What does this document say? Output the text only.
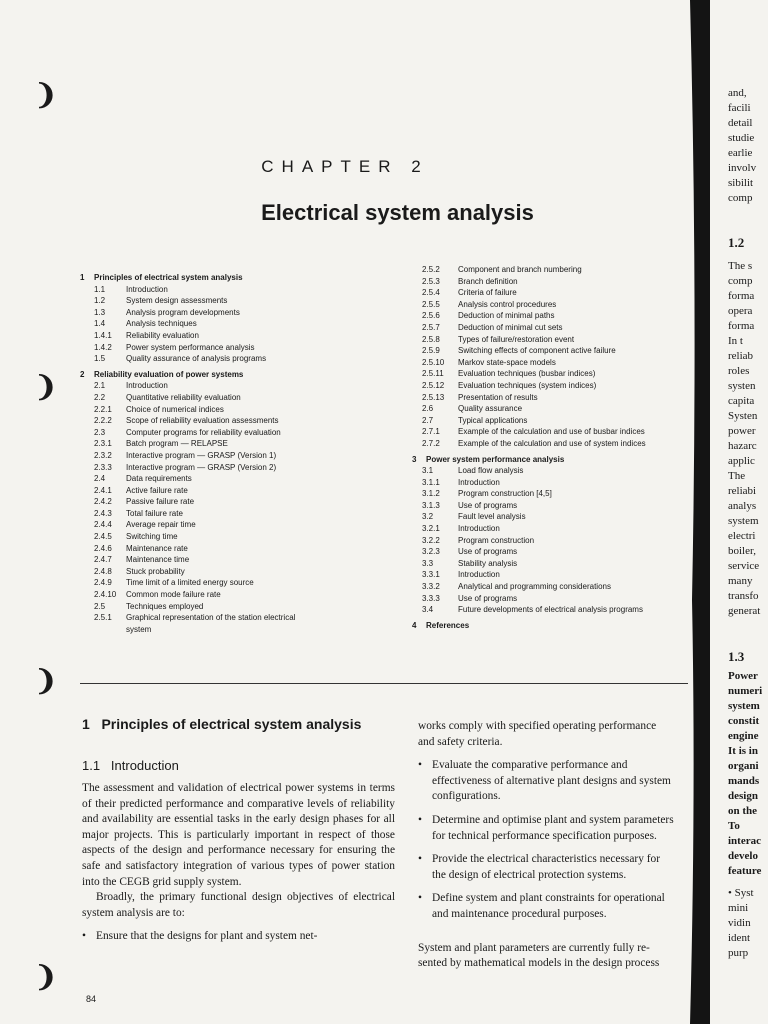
CHAPTER 2
Electrical system analysis
1	Principles of electrical system analysis
1.1	Introduction
1.2	System design assessments
1.3	Analysis program developments
1.4	Analysis techniques
1.4.1	Reliability evaluation
1.4.2	Power system performance analysis
1.5	Quality assurance of analysis programs
2	Reliability evaluation of power systems
2.1	Introduction
2.2	Quantitative reliability evaluation
2.2.1	Choice of numerical indices
2.2.2	Scope of reliability evaluation assessments
2.3	Computer programs for reliability evaluation
2.3.1	Batch program — RELAPSE
2.3.2	Interactive program — GRASP (Version 1)
2.3.3	Interactive program — GRASP (Version 2)
2.4	Data requirements
2.4.1	Active failure rate
2.4.2	Passive failure rate
2.4.3	Total failure rate
2.4.4	Average repair time
2.4.5	Switching time
2.4.6	Maintenance rate
2.4.7	Maintenance time
2.4.8	Stuck probability
2.4.9	Time limit of a limited energy source
2.4.10	Common mode failure rate
2.5	Techniques employed
2.5.1	Graphical representation of the station electrical
system
2.5.2	Component and branch numbering
2.5.3	Branch definition
2.5.4	Criteria of failure
2.5.5	Analysis control procedures
2.5.6	Deduction of minimal paths
2.5.7	Deduction of minimal cut sets
2.5.8	Types of failure/restoration event
2.5.9	Switching effects of component active failure
2.5.10	Markov state-space models
2.5.11	Evaluation techniques (busbar indices)
2.5.12	Evaluation techniques (system indices)
2.5.13	Presentation of results
2.6	Quality assurance
2.7	Typical applications
2.7.1	Example of the calculation and use of busbar indices
2.7.2	Example of the calculation and use of system indices
3	Power system performance analysis
3.1	Load flow analysis
3.1.1	Introduction
3.1.2	Program construction [4,5]
3.1.3	Use of programs
3.2	Fault level analysis
3.2.1	Introduction
3.2.2	Program construction
3.2.3	Use of programs
3.3	Stability analysis
3.3.1	Introduction
3.3.2	Analytical and programming considerations
3.3.3	Use of programs
3.4	Future developments of electrical analysis programs
4	References
1   Principles of electrical system analysis
1.1   Introduction

The assessment and validation of electrical power systems in terms of their predicted performance and comparative levels of reliability and availability are essential tasks in the early design phases for all major projects. This is particularly important in respect of those aspects of the design and performance necessary for ensuring the safe and satisfactory integration of various types of power station into the CEGB grid supply system.

Broadly, the primary functional design objectives of electrical system analysis are to:

• Ensure that the designs for plant and system net-
works comply with specified operating performance
and safety criteria.
• Evaluate the comparative performance and
effectiveness of alternative plant designs and system
configurations.
• Determine and optimise plant and system parameters
for technical performance specification purposes.
• Provide the electrical characteristics necessary for
the design of electrical protection systems.
• Define system and plant constraints for operational
and maintenance procedural purposes.
System and plant parameters are currently fully re-
sented by mathematical models in the design process
84
and,
facili
detail
studie
earlie
involv
sibilit
comp
1.2
The s
comp
forma
opera
forma
In t
reliab
roles
systen
capita
Systen
power
hazarc
applic
The
reliabi
analys
system
electri
boiler,
service
many
transfo
generat
1.3
Power
numeri
system
constit
engine
It is in
organi
mands
design
on the
To
interac
develo
feature
• Syst
mini
vidin
ident
purp
❩
❩
❩
❩
